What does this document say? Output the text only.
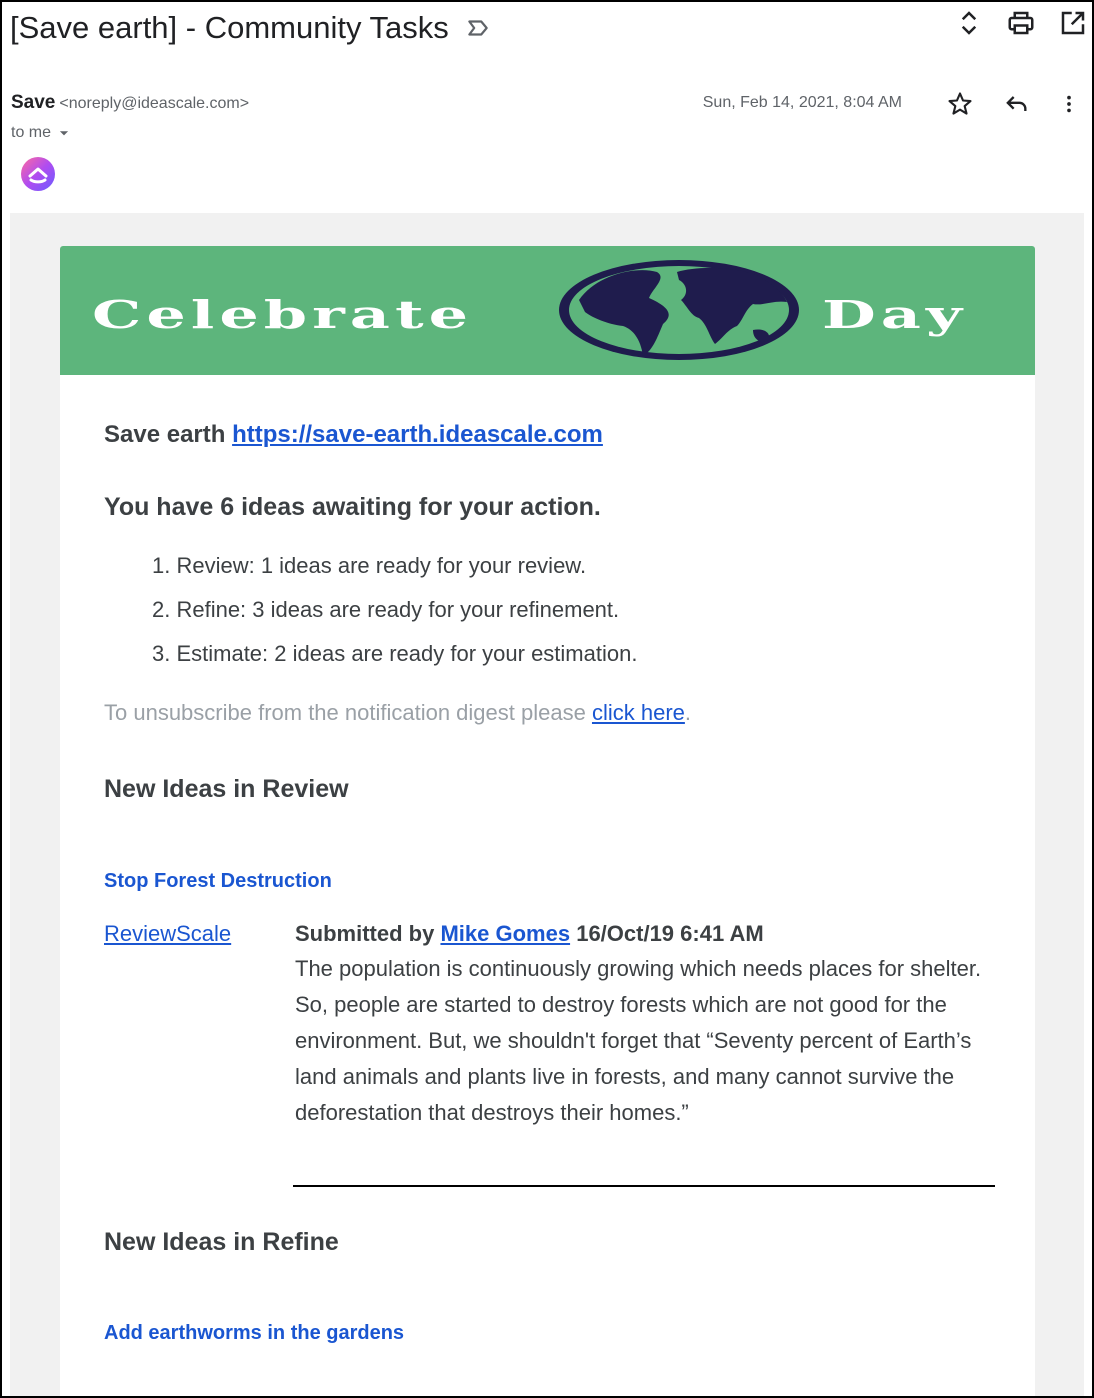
[Save earth] - Community Tasks
Save <noreply@ideascale.com>	Sun, Feb 14, 2021, 8:04 AM
to me
Celebrate	Day
Save earth https://save-earth.ideascale.com
You have 6 ideas awaiting for your action.
1. Review: 1 ideas are ready for your review.
2. Refine: 3 ideas are ready for your refinement.
3. Estimate: 2 ideas are ready for your estimation.
To unsubscribe from the notification digest please click here.
New Ideas in Review
Stop Forest Destruction
ReviewScale	Submitted by Mike Gomes 16/Oct/19 6:41 AM
The population is continuously growing which needs places for shelter. So, people are started to destroy forests which are not good for the environment. But, we shouldn't forget that “Seventy percent of Earth’s land animals and plants live in forests, and many cannot survive the deforestation that destroys their homes.”
New Ideas in Refine
Add earthworms in the gardens
